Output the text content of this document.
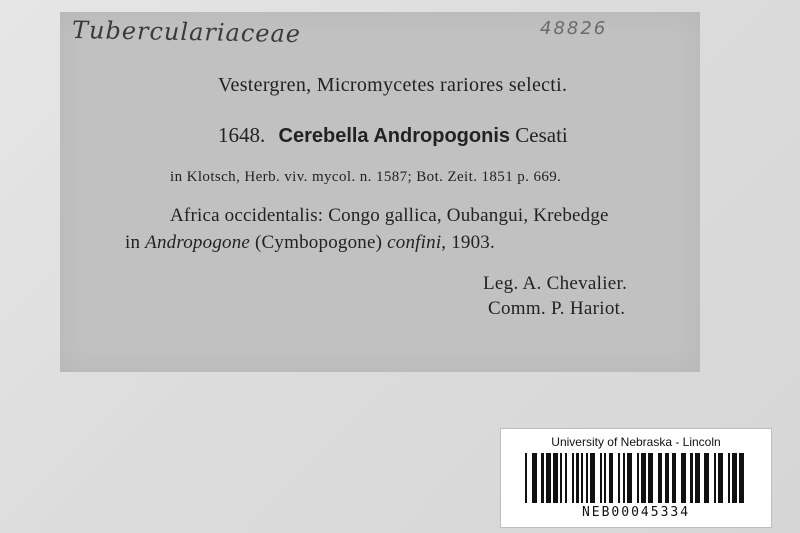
Tuberculariaceae	48826
Vestergren, Micromycetes rariores selecti.
1648. Cerebella Andropogonis Cesati
in Klotsch, Herb. viv. mycol. n. 1587; Bot. Zeit. 1851 p. 669.
Africa occidentalis: Congo gallica, Oubangui, Krebedge
in Andropogone (Cymbopogone) confini, 1903.
Leg. A. Chevalier.
Comm. P. Hariot.
University of Nebraska - Lincoln
NEB00045334
